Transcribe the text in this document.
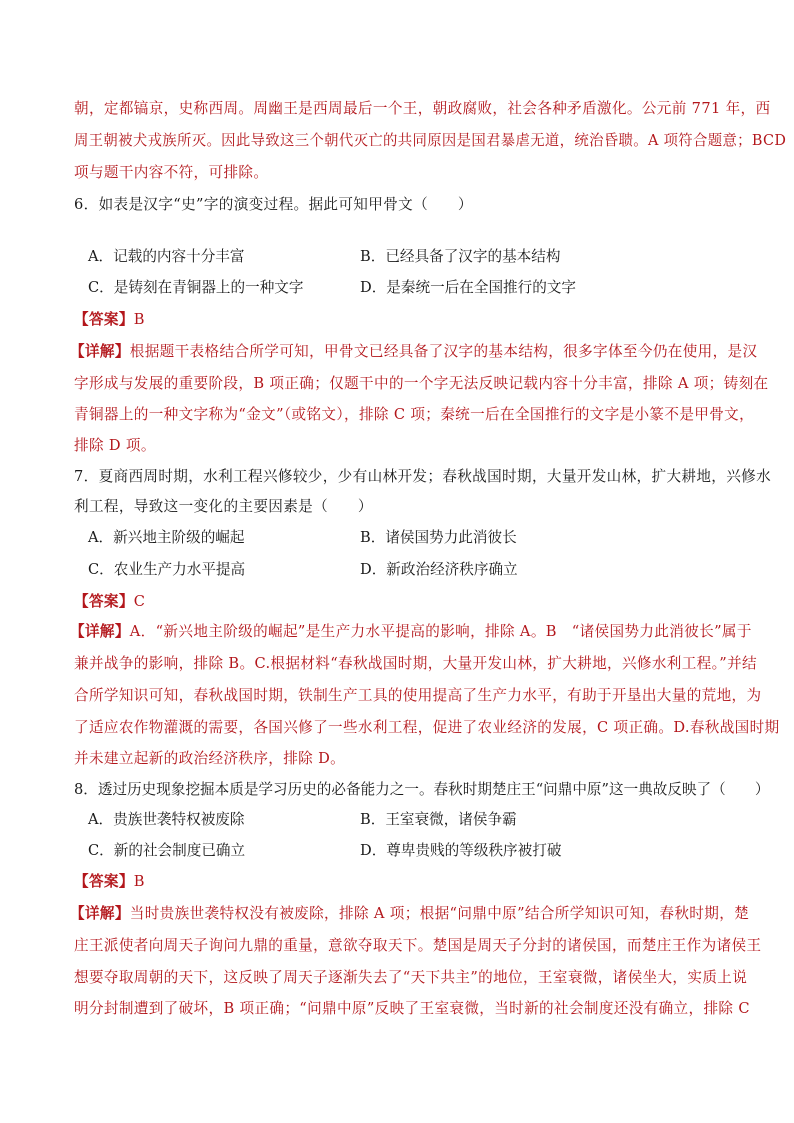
朝，定都镐京，史称西周。周幽王是西周最后一个王，朝政腐败，社会各种矛盾激化。公元前 771 年，西
周王朝被犬戎族所灭。因此导致这三个朝代灭亡的共同原因是国君暴虐无道，统治昏聩。A 项符合题意；BCD
项与题干内容不符，可排除。
6．如表是汉字“史”字的演变过程。据此可知甲骨文（　　）
A．记载的内容十分丰富	B．已经具备了汉字的基本结构
C．是铸刻在青铜器上的一种文字	D．是秦统一后在全国推行的文字
【答案】B
【详解】根据题干表格结合所学可知，甲骨文已经具备了汉字的基本结构，很多字体至今仍在使用，是汉
字形成与发展的重要阶段，B 项正确；仅题干中的一个字无法反映记载内容十分丰富，排除 A 项；铸刻在
青铜器上的一种文字称为“金文”（或铭文），排除 C 项；秦统一后在全国推行的文字是小篆不是甲骨文，
排除 D 项。
7．夏商西周时期，水利工程兴修较少，少有山林开发；春秋战国时期，大量开发山林，扩大耕地，兴修水
利工程，导致这一变化的主要因素是（　　）
A．新兴地主阶级的崛起	B．诸侯国势力此消彼长
C．农业生产力水平提高	D．新政治经济秩序确立
【答案】C
【详解】A．“新兴地主阶级的崛起”是生产力水平提高的影响，排除 A。B　“诸侯国势力此消彼长”属于
兼并战争的影响，排除 B。C.根据材料“春秋战国时期，大量开发山林，扩大耕地，兴修水利工程。”并结
合所学知识可知，春秋战国时期，铁制生产工具的使用提高了生产力水平，有助于开垦出大量的荒地，为
了适应农作物灌溉的需要，各国兴修了一些水利工程，促进了农业经济的发展，C 项正确。D.春秋战国时期
并未建立起新的政治经济秩序，排除 D。
8．透过历史现象挖掘本质是学习历史的必备能力之一。春秋时期楚庄王“问鼎中原”这一典故反映了（　　）
A．贵族世袭特权被废除	B．王室衰微，诸侯争霸
C．新的社会制度已确立	D．尊卑贵贱的等级秩序被打破
【答案】B
【详解】当时贵族世袭特权没有被废除，排除 A 项；根据“问鼎中原”结合所学知识可知，春秋时期，楚
庄王派使者向周天子询问九鼎的重量，意欲夺取天下。楚国是周天子分封的诸侯国，而楚庄王作为诸侯王
想要夺取周朝的天下，这反映了周天子逐渐失去了“天下共主”的地位，王室衰微，诸侯坐大，实质上说
明分封制遭到了破坏，B 项正确；“问鼎中原”反映了王室衰微，当时新的社会制度还没有确立，排除 C
